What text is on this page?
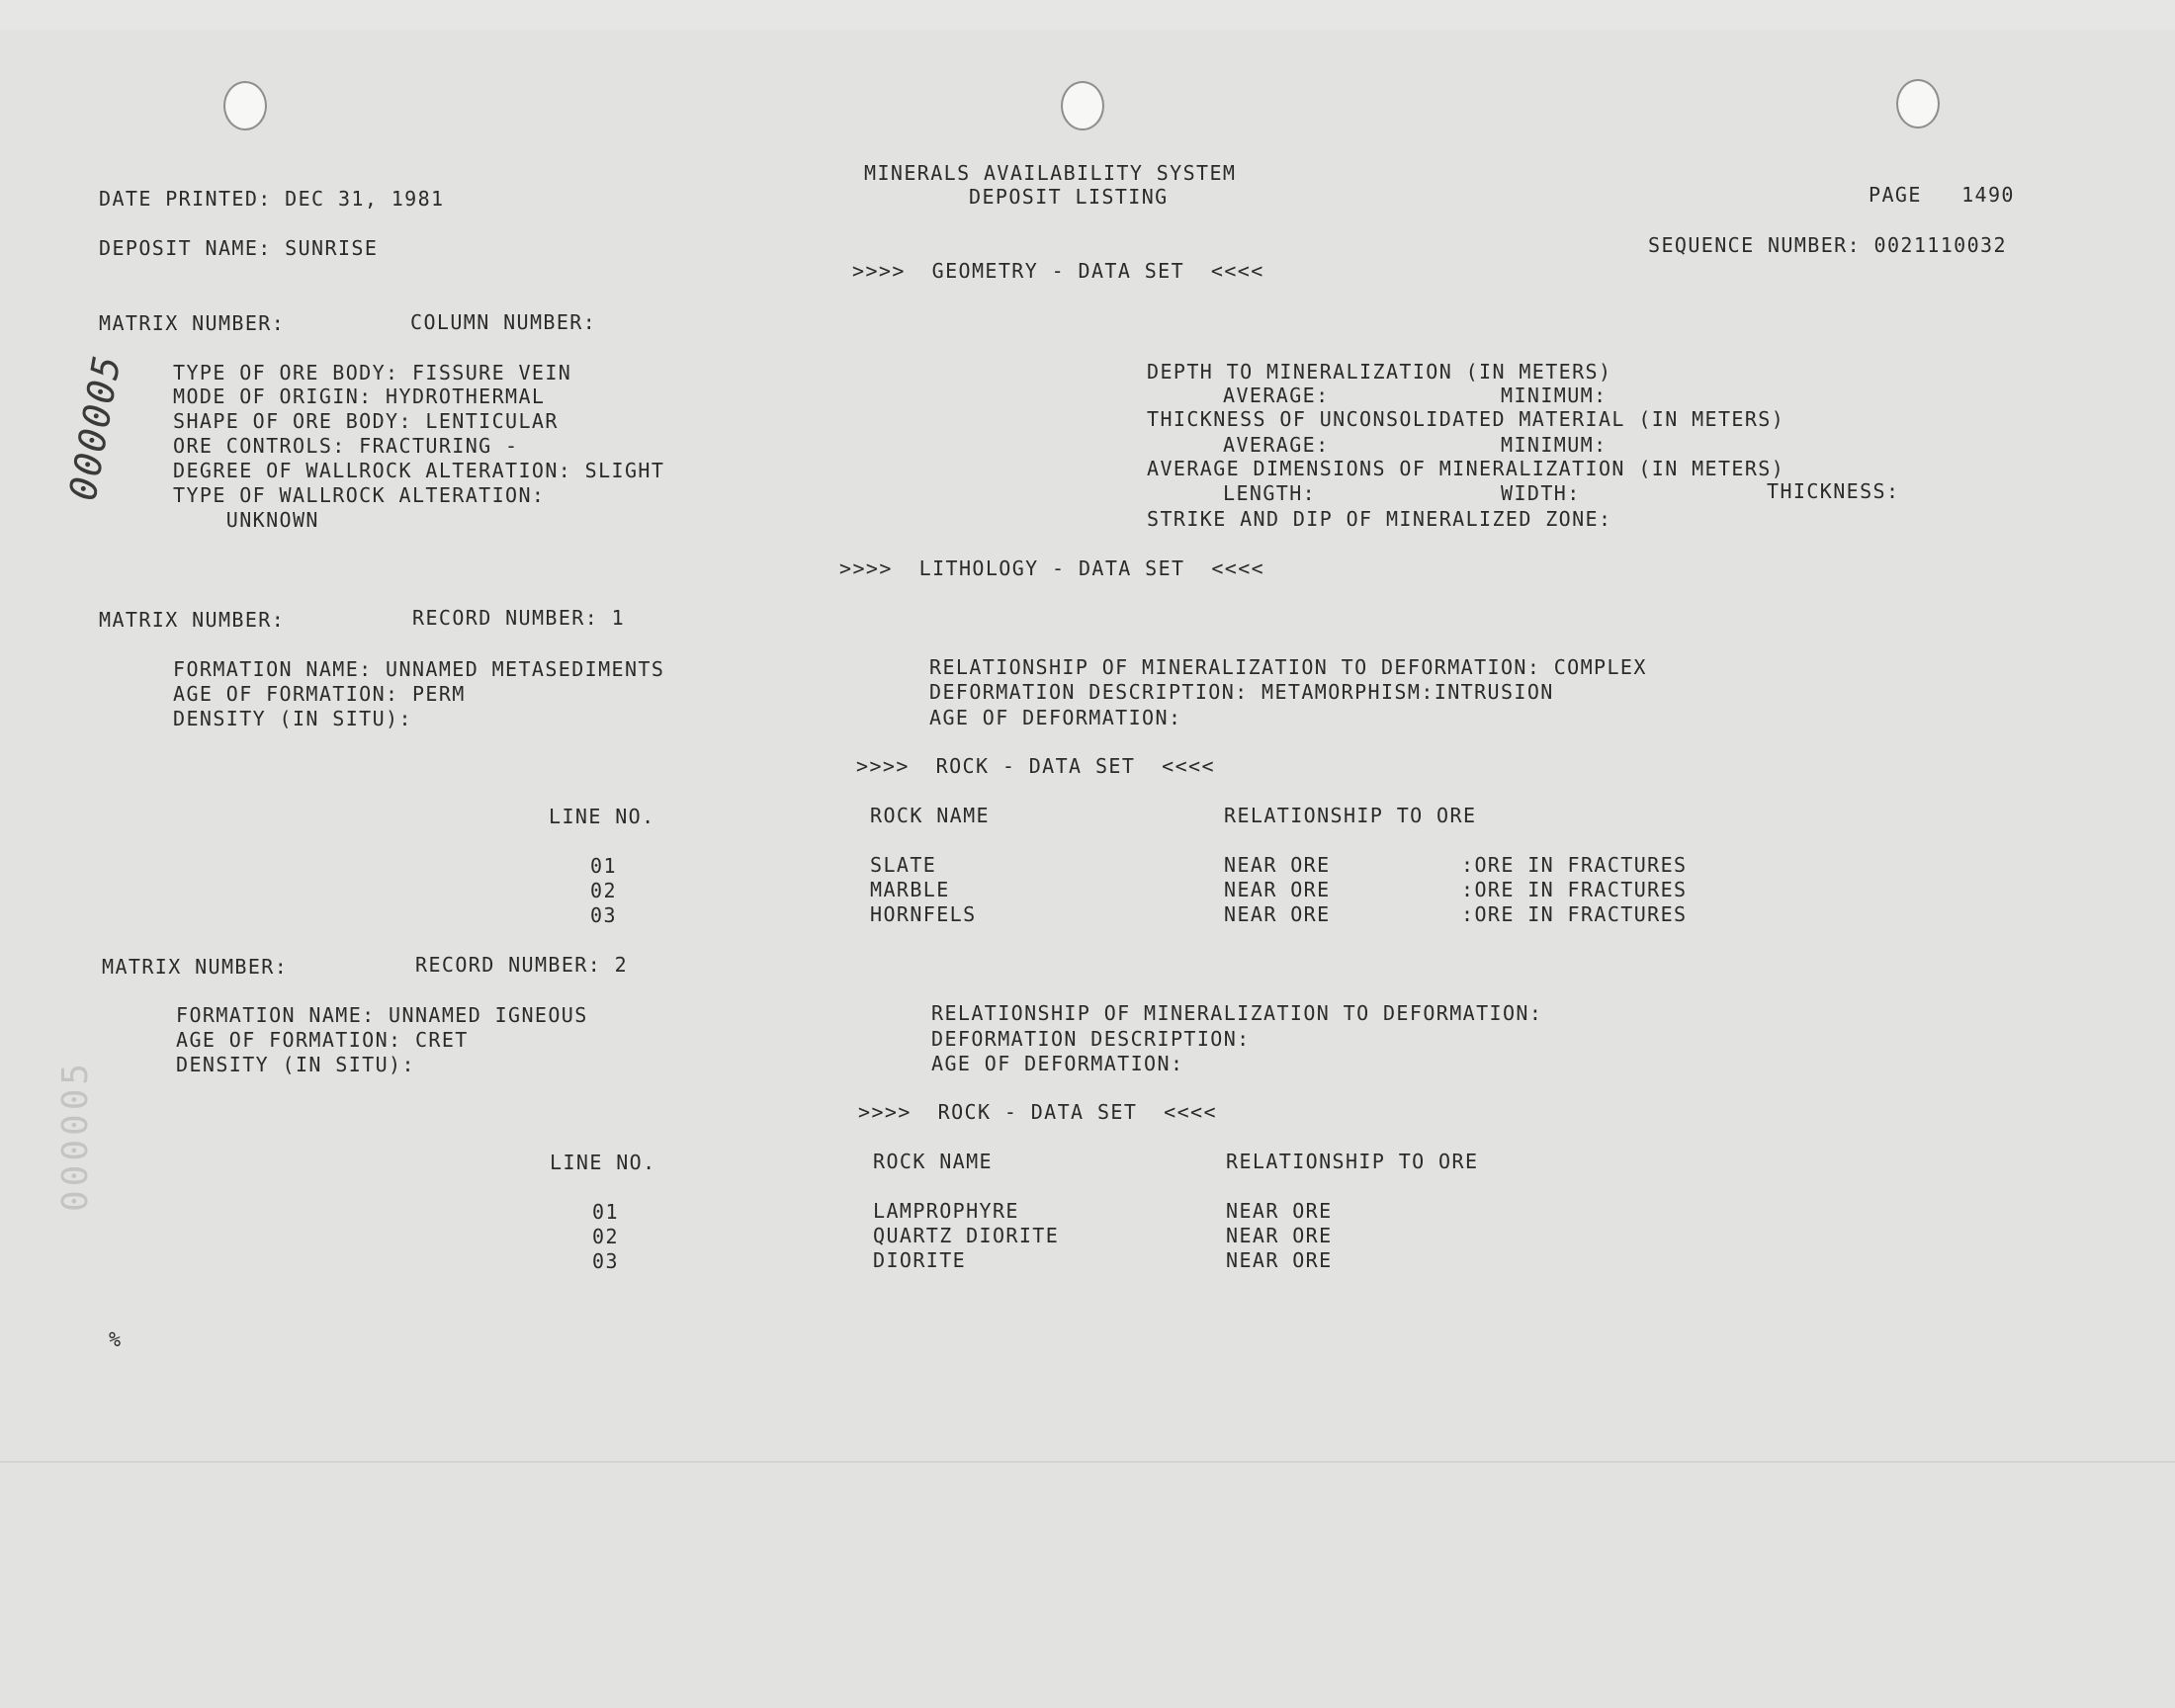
000005
000005
MINERALS AVAILABILITY SYSTEM
DEPOSIT LISTING
DATE PRINTED: DEC 31, 1981	PAGE   1490
DEPOSIT NAME: SUNRISE	SEQUENCE NUMBER: 0021110032
>>>>  GEOMETRY - DATA SET  <<<<
MATRIX NUMBER:	COLUMN NUMBER:
TYPE OF ORE BODY: FISSURE VEIN
MODE OF ORIGIN: HYDROTHERMAL
SHAPE OF ORE BODY: LENTICULAR
ORE CONTROLS: FRACTURING -
DEGREE OF WALLROCK ALTERATION: SLIGHT
TYPE OF WALLROCK ALTERATION:
UNKNOWN
DEPTH TO MINERALIZATION (IN METERS)
AVERAGE:	MINIMUM:
THICKNESS OF UNCONSOLIDATED MATERIAL (IN METERS)
AVERAGE:	MINIMUM:
AVERAGE DIMENSIONS OF MINERALIZATION (IN METERS)
LENGTH:	WIDTH:	THICKNESS:
STRIKE AND DIP OF MINERALIZED ZONE:
>>>>  LITHOLOGY - DATA SET  <<<<
MATRIX NUMBER:	RECORD NUMBER: 1
FORMATION NAME: UNNAMED METASEDIMENTS
AGE OF FORMATION: PERM
DENSITY (IN SITU):
RELATIONSHIP OF MINERALIZATION TO DEFORMATION: COMPLEX
DEFORMATION DESCRIPTION: METAMORPHISM:INTRUSION
AGE OF DEFORMATION:
>>>>  ROCK - DATA SET  <<<<
LINE NO.	ROCK NAME	RELATIONSHIP TO ORE
01	SLATE	NEAR ORE	:ORE IN FRACTURES
02	MARBLE	NEAR ORE	:ORE IN FRACTURES
03	HORNFELS	NEAR ORE	:ORE IN FRACTURES
MATRIX NUMBER:	RECORD NUMBER: 2
FORMATION NAME: UNNAMED IGNEOUS
AGE OF FORMATION: CRET
DENSITY (IN SITU):
RELATIONSHIP OF MINERALIZATION TO DEFORMATION:
DEFORMATION DESCRIPTION:
AGE OF DEFORMATION:
>>>>  ROCK - DATA SET  <<<<
LINE NO.	ROCK NAME	RELATIONSHIP TO ORE
01	LAMPROPHYRE	NEAR ORE
02	QUARTZ DIORITE	NEAR ORE
03	DIORITE	NEAR ORE
%
